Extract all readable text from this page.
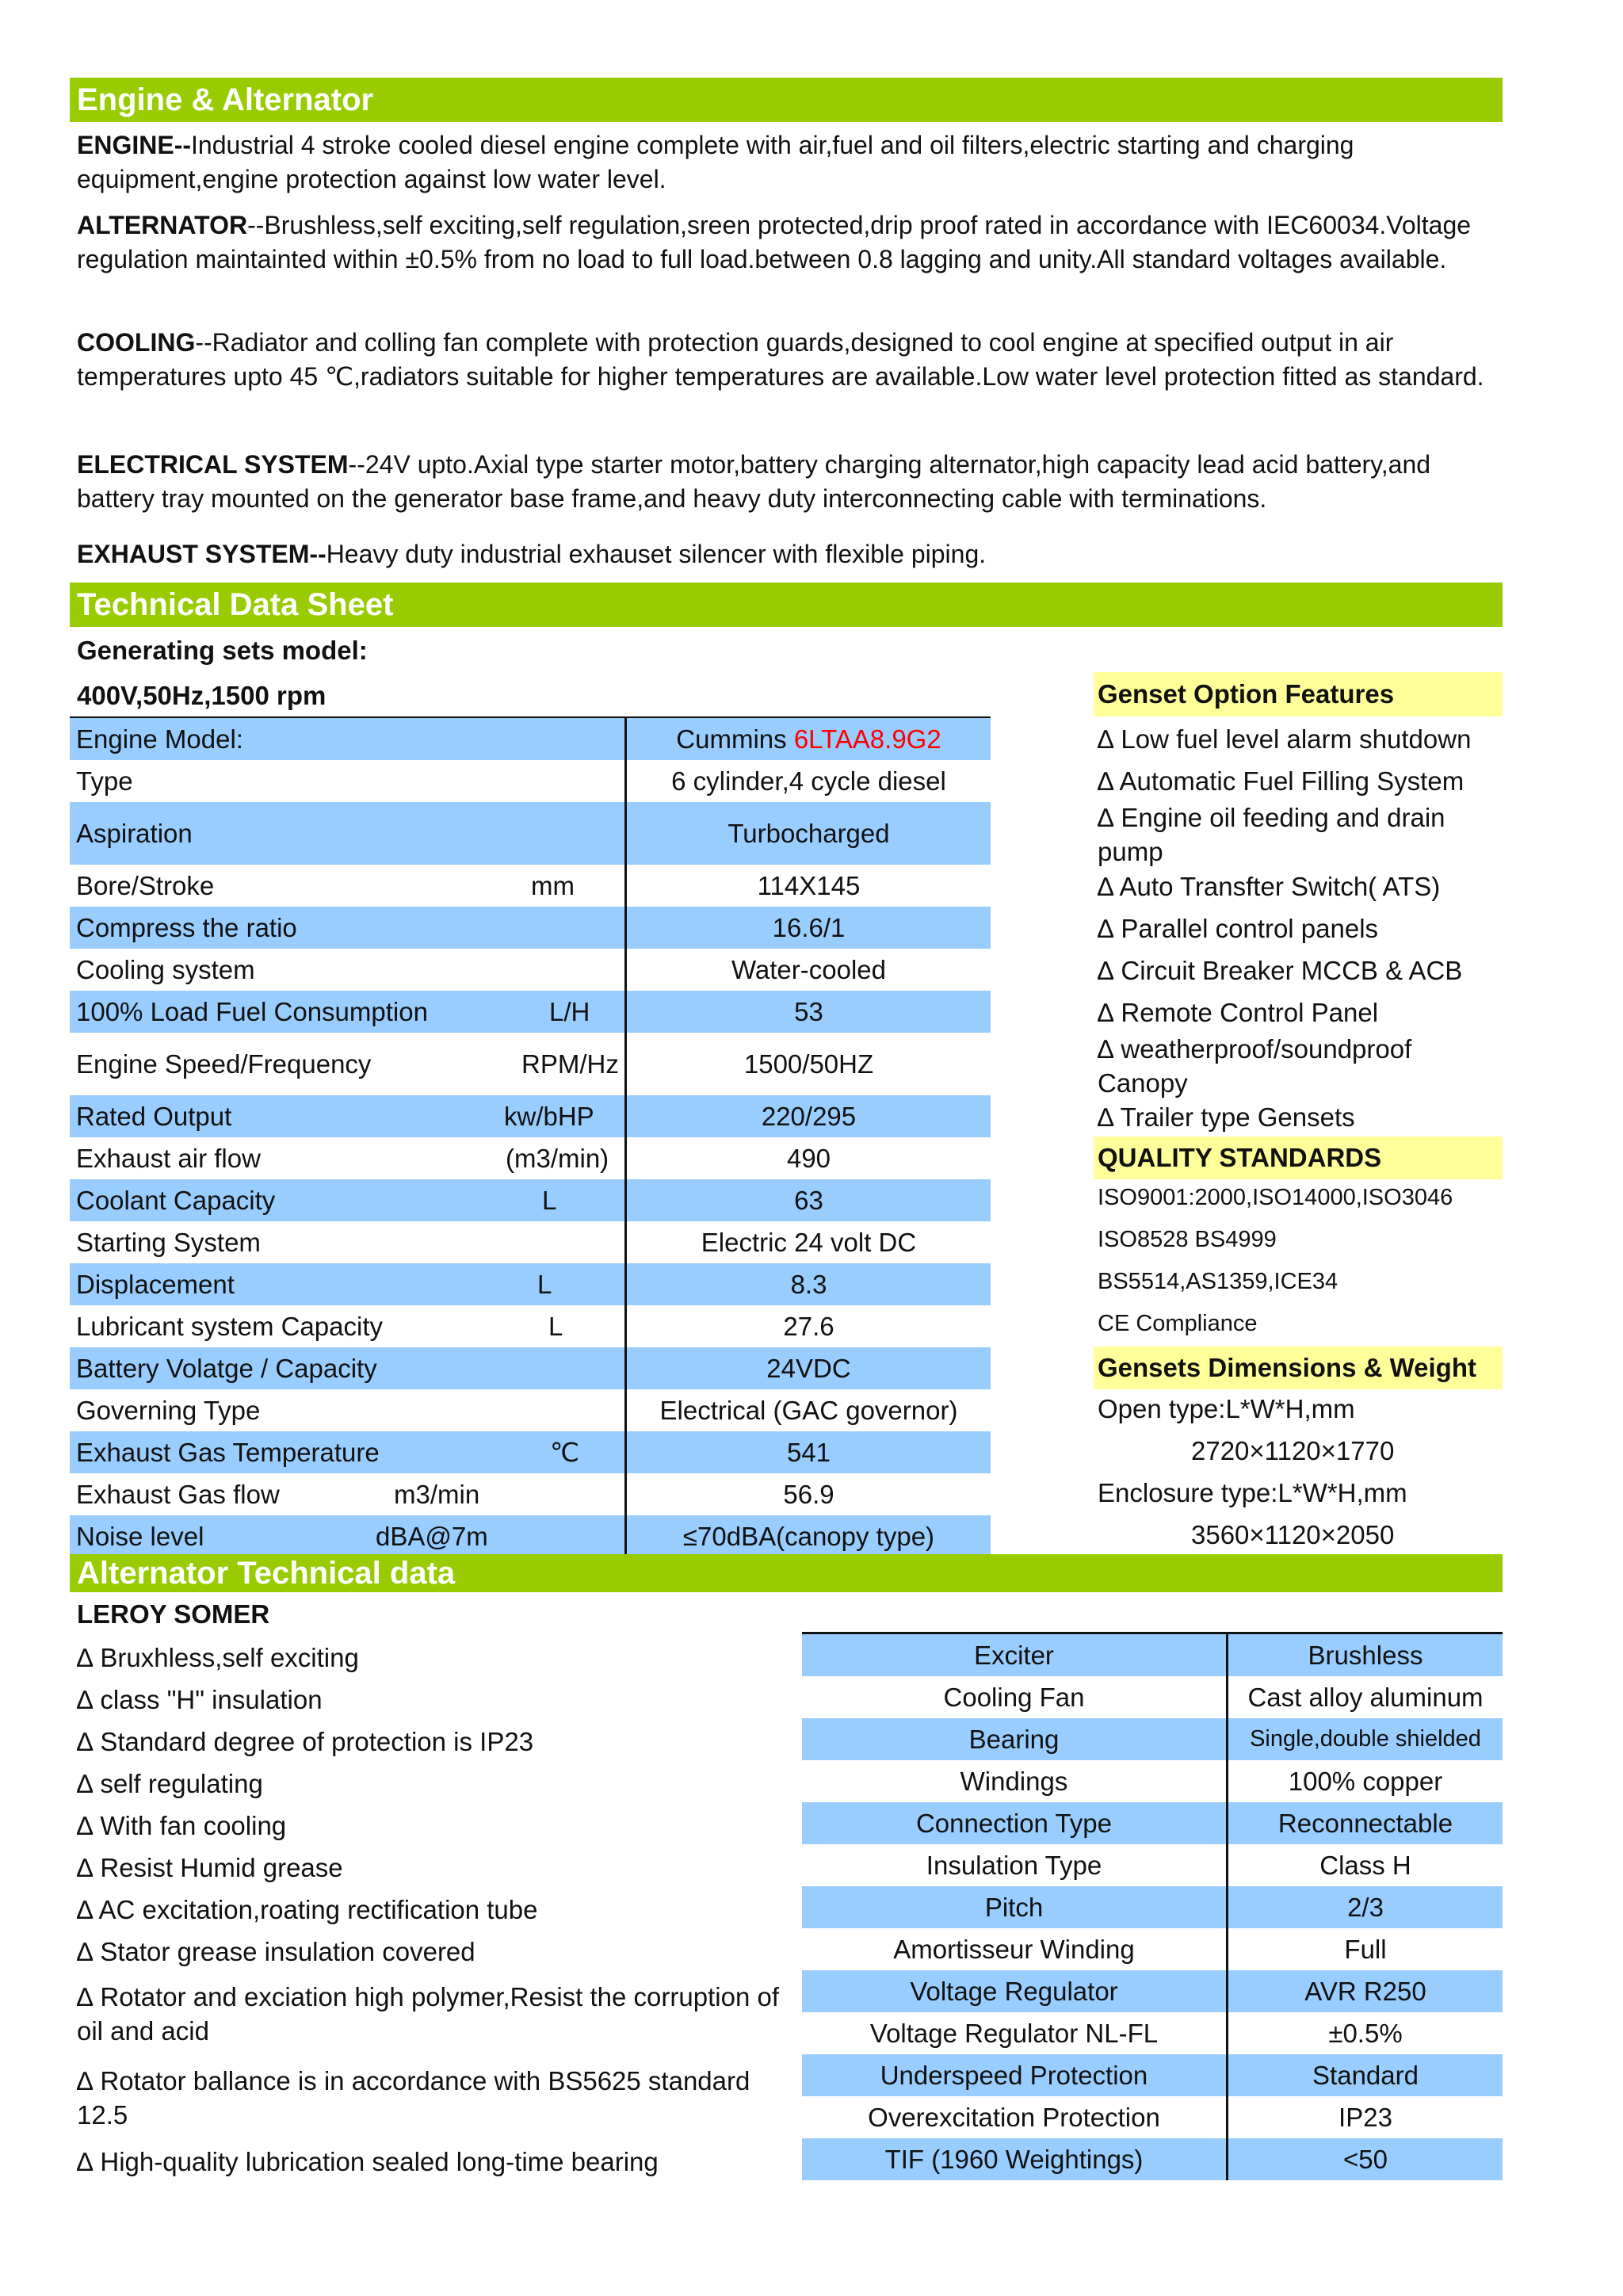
Engine & Alternator
ENGINE--Industrial 4 stroke cooled diesel engine complete with air,fuel and oil filters,electric starting and charging equipment,engine protection against low water level.
ALTERNATOR--Brushless,self exciting,self regulation,sreen protected,drip proof rated in accordance with IEC60034.Voltage regulation maintainted within ±0.5% from no load to full load.between 0.8 lagging and unity.All standard voltages available.
COOLING--Radiator and colling fan complete with protection guards,designed to cool engine at specified output in air temperatures upto 45 ℃,radiators suitable for higher temperatures are available.Low water level protection fitted as standard.
ELECTRICAL SYSTEM--24V upto.Axial type starter motor,battery charging alternator,high capacity lead acid battery,and battery tray mounted on the generator base frame,and heavy duty interconnecting cable with terminations.
EXHAUST SYSTEM--Heavy duty industrial exhauset silencer with flexible piping.
Technical Data Sheet
Generating sets model:
400V,50Hz,1500 rpm
Engine Model:	Cummins 6LTAA8.9G2
Type	6 cylinder,4 cycle diesel
Aspiration	Turbocharged
Bore/Stroke	mm	114X145
Compress the ratio	16.6/1
Cooling system	Water-cooled
100% Load Fuel Consumption	L/H	53
Engine Speed/Frequency	RPM/Hz	1500/50HZ
Rated Output	kw/bHP	220/295
Exhaust air flow	(m3/min)	490
Coolant Capacity	L	63
Starting System	Electric 24 volt DC
Displacement	L	8.3
Lubricant system Capacity	L	27.6
Battery Volatge / Capacity	24VDC
Governing Type	Electrical (GAC governor)
Exhaust Gas Temperature	℃	541
Exhaust Gas flow	m3/min	56.9
Noise level	dBA@7m	≤70dBA(canopy type)
Genset Option Features
∆ Low fuel level alarm shutdown
∆ Automatic Fuel Filling System
∆ Engine oil feeding and drain pump
∆ Auto Transfter Switch( ATS)
∆ Parallel control panels
∆ Circuit Breaker MCCB & ACB
∆ Remote Control Panel
∆ weatherproof/soundproof Canopy
∆ Trailer type Gensets
QUALITY STANDARDS
ISO9001:2000,ISO14000,ISO3046
ISO8528 BS4999
BS5514,AS1359,ICE34
CE Compliance
Gensets Dimensions & Weight
Open type:L*W*H,mm
2720×1120×1770
Enclosure type:L*W*H,mm
3560×1120×2050
Alternator Technical data
LEROY SOMER
∆ Bruxhless,self exciting
∆ class "H" insulation
∆ Standard degree of protection is IP23
∆ self regulating
∆ With fan cooling
∆ Resist Humid grease
∆ AC excitation,roating rectification tube
∆ Stator grease insulation covered
∆ Rotator and exciation high polymer,Resist the corruption of oil and acid
∆ Rotator ballance is in accordance with BS5625 standard 12.5
∆ High-quality lubrication sealed long-time bearing
Exciter	Brushless
Cooling Fan	Cast alloy aluminum
Bearing	Single,double shielded
Windings	100% copper
Connection Type	Reconnectable
Insulation Type	Class H
Pitch	2/3
Amortisseur Winding	Full
Voltage Regulator	AVR R250
Voltage Regulator NL-FL	±0.5%
Underspeed Protection	Standard
Overexcitation Protection	IP23
TIF (1960 Weightings)	<50
